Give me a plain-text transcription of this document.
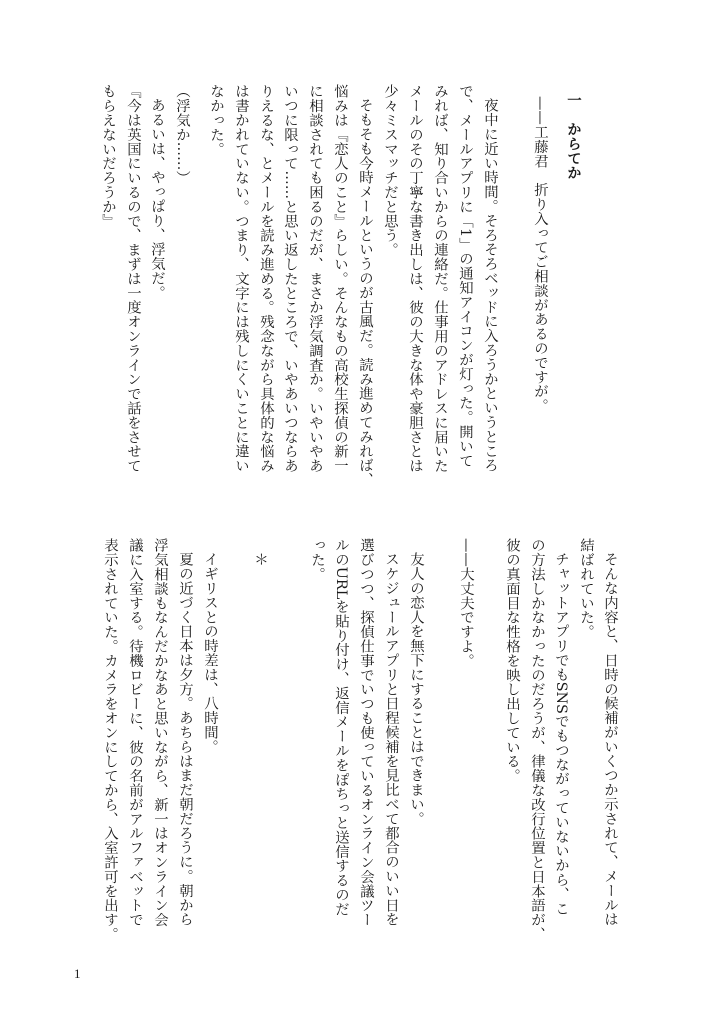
一
からてか
——工藤君　折り入ってご相談があるのですが。
夜中に近い時間。そろそろベッドに入ろうかというところ
で、メールアプリに「1」の通知アイコンが灯った。開いて
みれば、知り合いからの連絡だ。仕事用のアドレスに届いた
メールのその丁寧な書き出しは、彼の大きな体や豪胆さとは
少々ミスマッチだと思う。
そもそも今時メールというのが古風だ。読み進めてみれば、
悩みは『恋人のこと』らしい。そんなもの高校生探偵の新一
に相談されても困るのだが、まさか浮気調査か。いやいやあ
いつに限って……と思い返したところで、いやあいつならあ
りえるな、とメールを読み進める。残念ながら具体的な悩み
は書かれていない。つまり、文字には残しにくいことに違い
なかった。
（浮気か……）
あるいは、やっぱり、浮気だ。
『今は英国にいるので、まずは一度オンラインで話をさせて
もらえないだろうか』
そんな内容と、日時の候補がいくつか示されて、メールは
結ばれていた。
チャットアプリでもSNSでもつながっていないから、こ
の方法しかなかったのだろうが、律儀な改行位置と日本語が、
彼の真面目な性格を映し出している。
——大丈夫ですよ。
友人の恋人を無下にすることはできまい。
スケジュールアプリと日程候補を見比べて都合のいい日を
選びつつ、探偵仕事でいつも使っているオンライン会議ツー
ルのURLを貼り付け、返信メールをぽちっと送信するのだ
った。
＊
イギリスとの時差は、八時間。
夏の近づく日本は夕方。あちらはまだ朝だろうに。朝から
浮気相談もなんだかなあと思いながら、新一はオンライン会
議に入室する。待機ロビーに、彼の名前がアルファベットで
表示されていた。カメラをオンにしてから、入室許可を出す。
1
